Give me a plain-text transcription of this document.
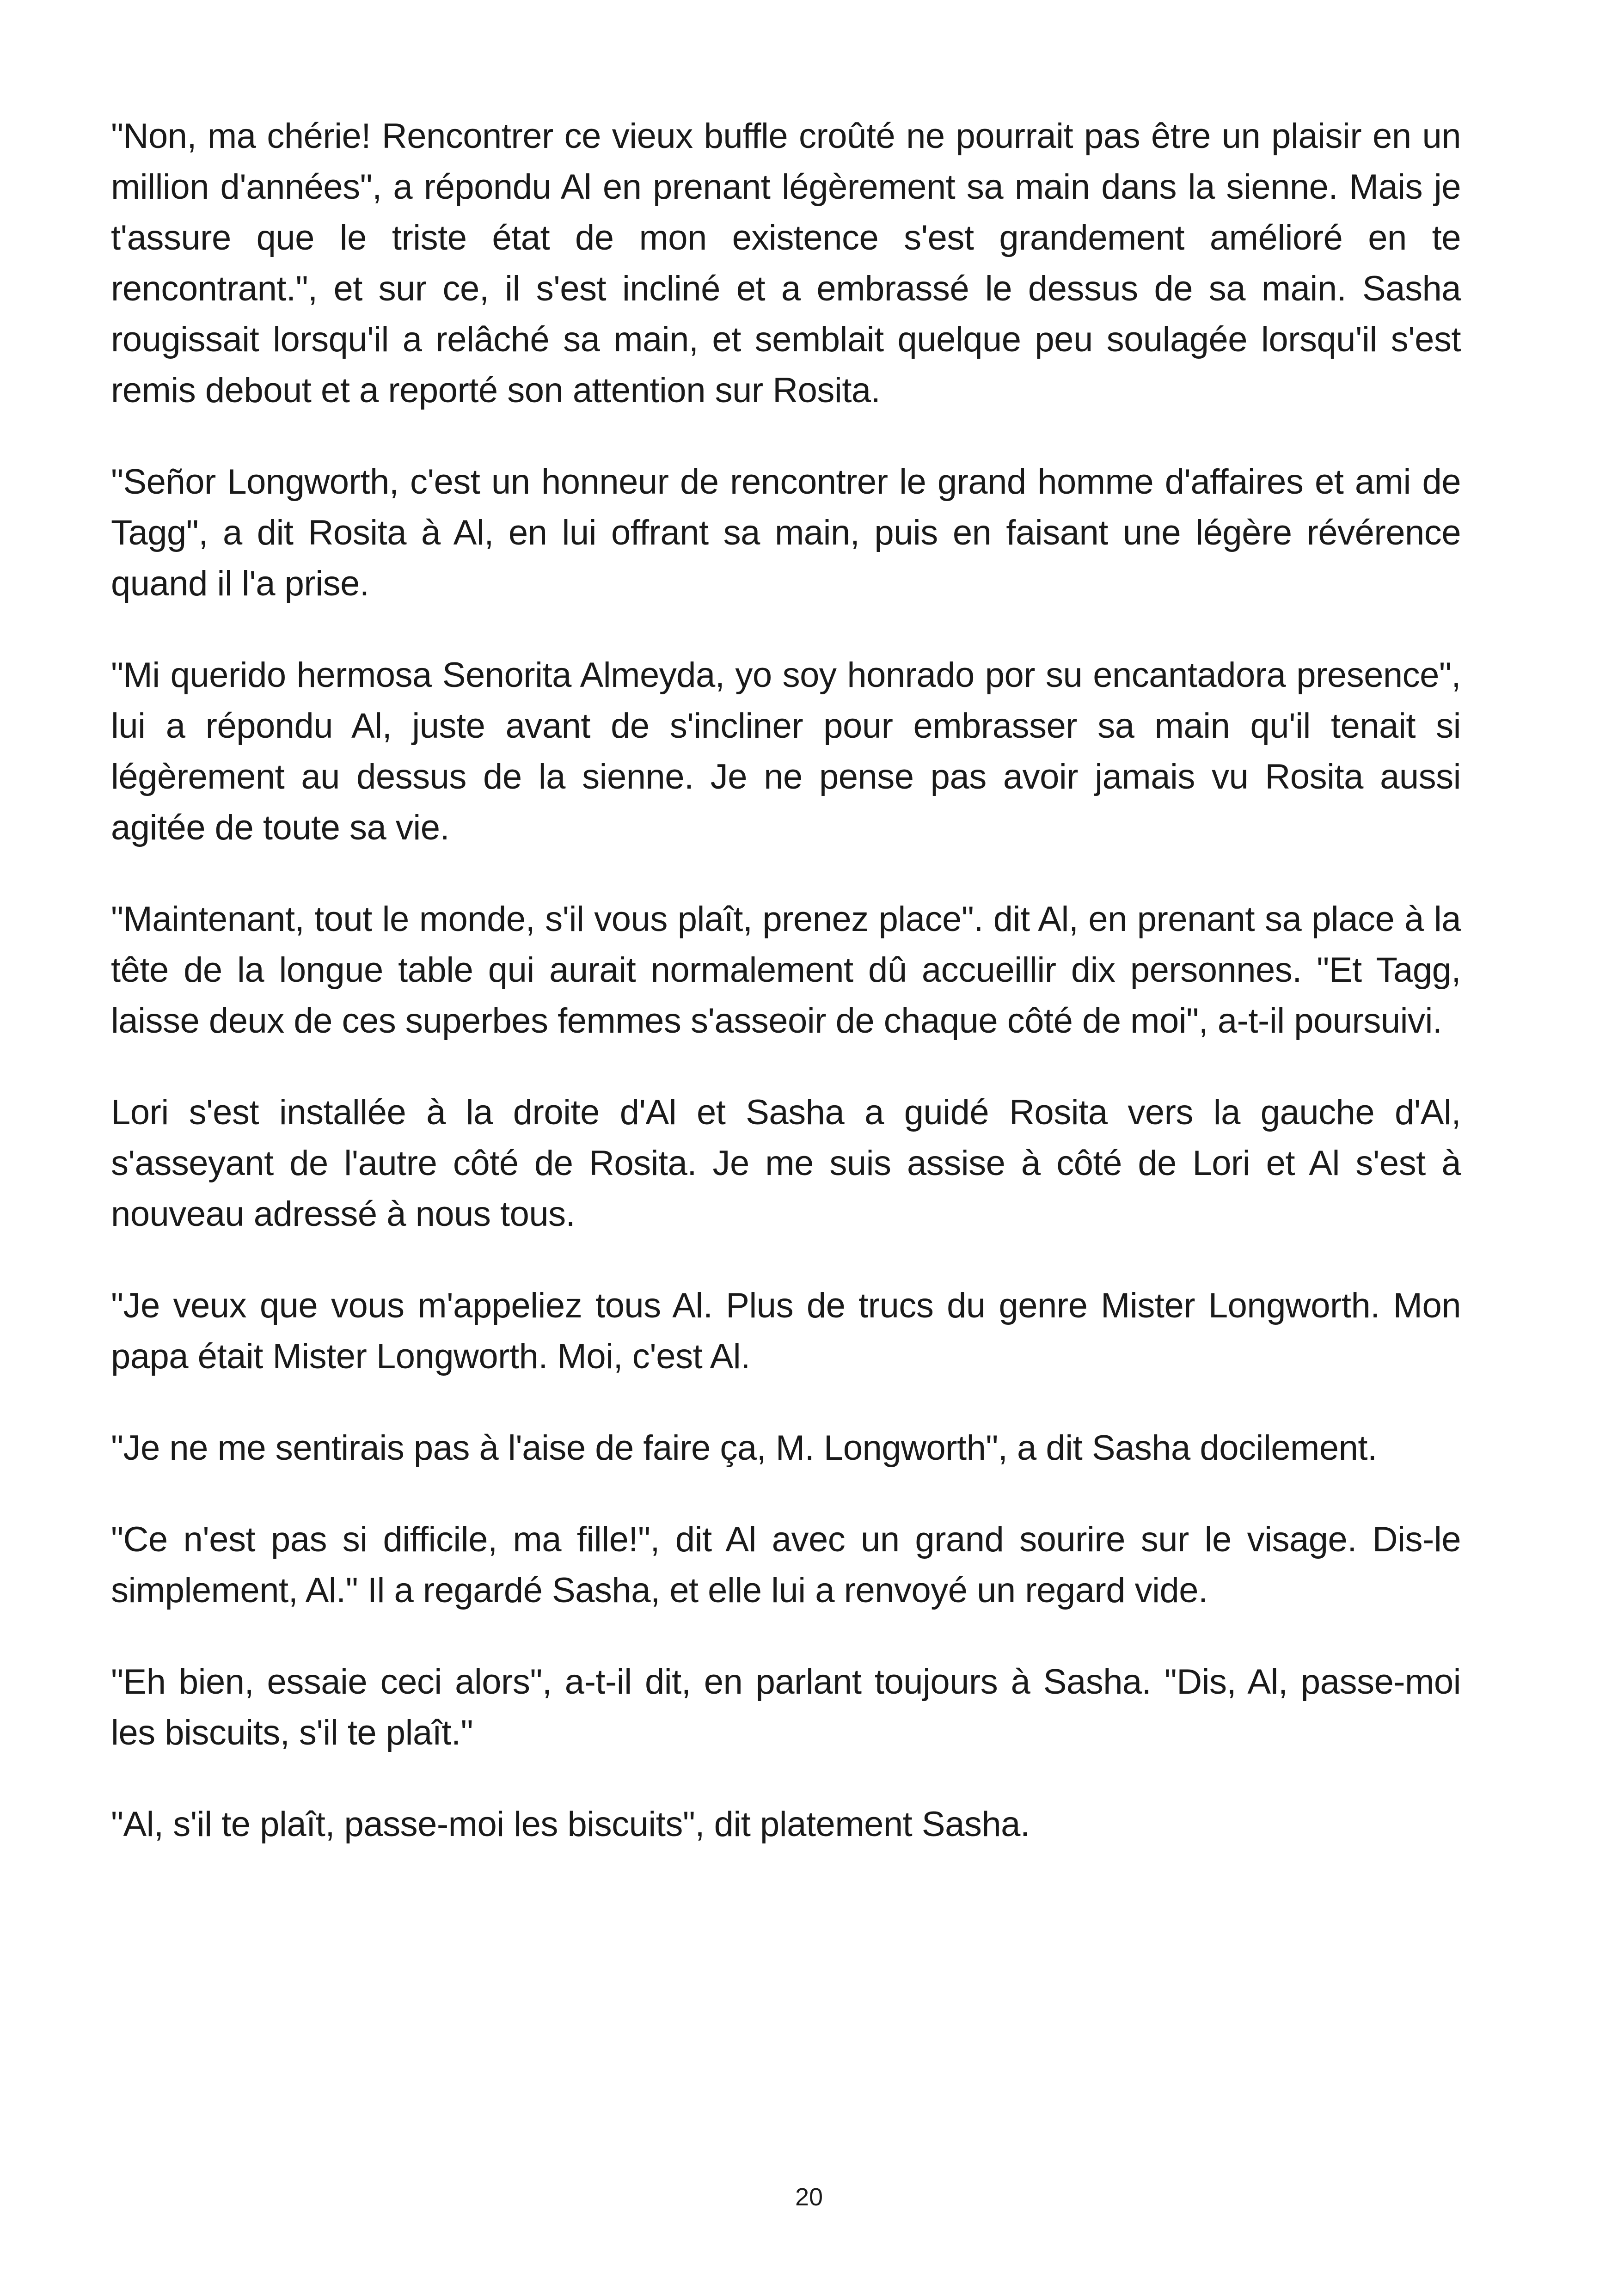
"Non, ma chérie! Rencontrer ce vieux buffle croûté ne pourrait pas être un plaisir en un million d'années", a répondu Al en prenant légèrement sa main dans la sienne. Mais je t'assure que le triste état de mon existence s'est grandement amélioré en te rencontrant.", et sur ce, il s'est incliné et a embrassé le dessus de sa main. Sasha rougissait lorsqu'il a relâché sa main, et semblait quelque peu soulagée lorsqu'il s'est remis debout et a reporté son attention sur Rosita.

"Señor Longworth, c'est un honneur de rencontrer le grand homme d'affaires et ami de Tagg", a dit Rosita à Al, en lui offrant sa main, puis en faisant une légère révérence quand il l'a prise.

"Mi querido hermosa Senorita Almeyda, yo soy honrado por su encantadora presence", lui a répondu Al, juste avant de s'incliner pour embrasser sa main qu'il tenait si légèrement au dessus de la sienne. Je ne pense pas avoir jamais vu Rosita aussi agitée de toute sa vie.

"Maintenant, tout le monde, s'il vous plaît, prenez place". dit Al, en prenant sa place à la tête de la longue table qui aurait normalement dû accueillir dix personnes. "Et Tagg, laisse deux de ces superbes femmes s'asseoir de chaque côté de moi", a-t-il poursuivi.

Lori s'est installée à la droite d'Al et Sasha a guidé Rosita vers la gauche d'Al, s'asseyant de l'autre côté de Rosita. Je me suis assise à côté de Lori et Al s'est à nouveau adressé à nous tous.

"Je veux que vous m'appeliez tous Al. Plus de trucs du genre Mister Longworth. Mon papa était Mister Longworth. Moi, c'est Al.

"Je ne me sentirais pas à l'aise de faire ça, M. Longworth", a dit Sasha docilement.

"Ce n'est pas si difficile, ma fille!", dit Al avec un grand sourire sur le visage. Dis-le simplement, Al." Il a regardé Sasha, et elle lui a renvoyé un regard vide.

"Eh bien, essaie ceci alors", a-t-il dit, en parlant toujours à Sasha. "Dis, Al, passe-moi les biscuits, s'il te plaît."

"Al, s'il te plaît, passe-moi les biscuits", dit platement Sasha.

20
